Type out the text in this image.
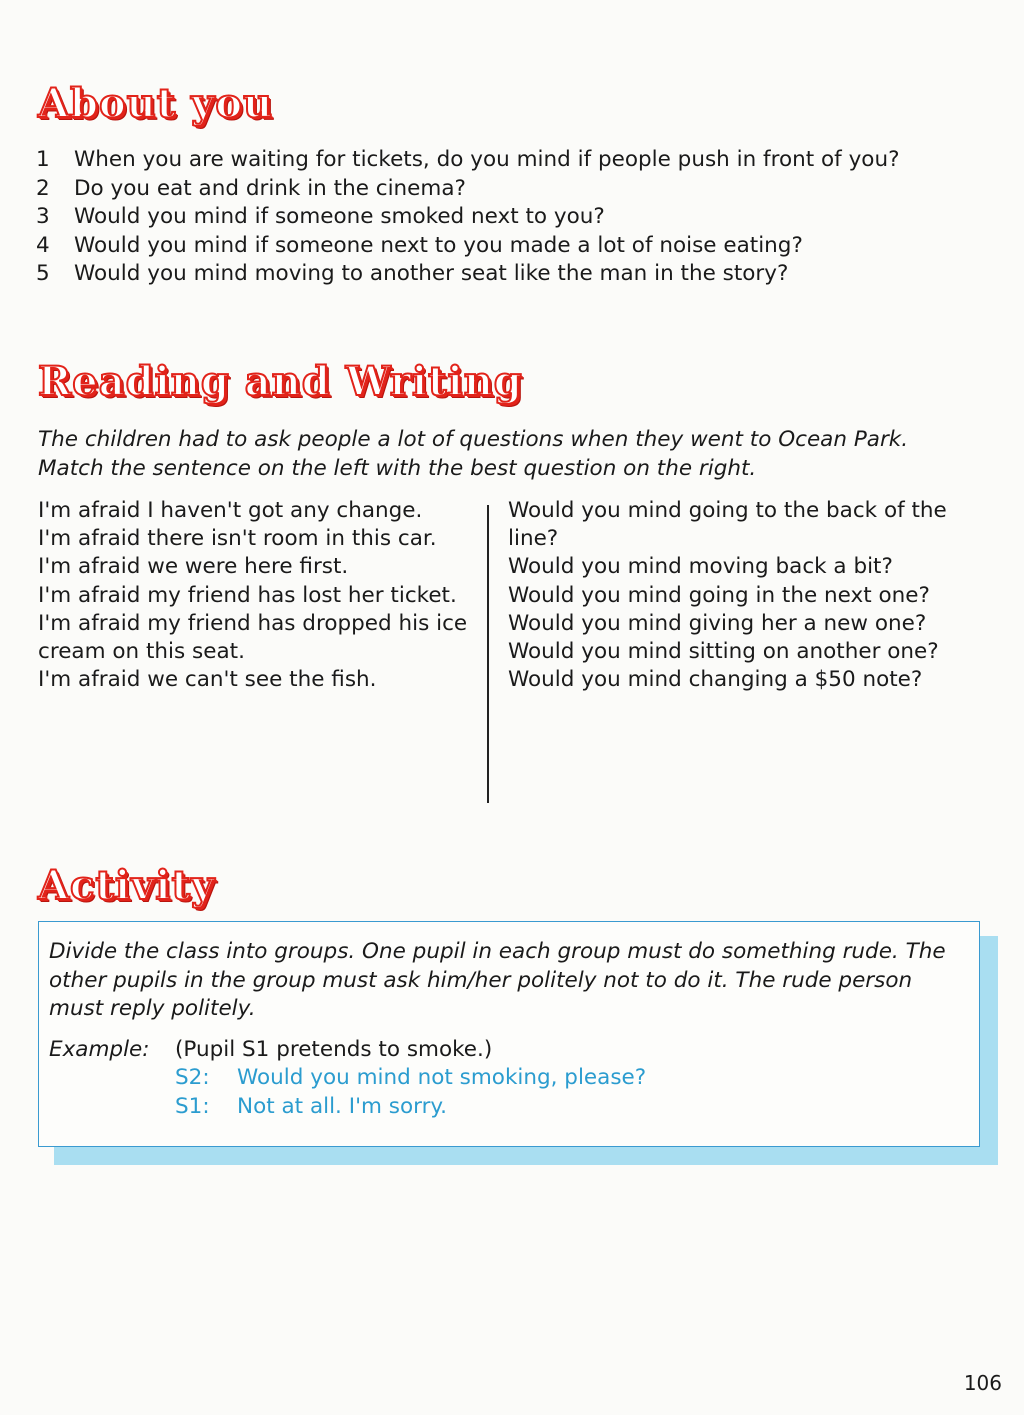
About you
1	When you are waiting for tickets, do you mind if people push in front of you?
2	Do you eat and drink in the cinema?
3	Would you mind if someone smoked next to you?
4	Would you mind if someone next to you made a lot of noise eating?
5	Would you mind moving to another seat like the man in the story?
Reading and Writing
The children had to ask people a lot of questions when they went to Ocean Park. Match the sentence on the left with the best question on the right.
I'm afraid I haven't got any change.
I'm afraid there isn't room in this car.
I'm afraid we were here first.
I'm afraid my friend has lost her ticket.
I'm afraid my friend has dropped his ice cream on this seat.
I'm afraid we can't see the fish.
Would you mind going to the back of the line?
Would you mind moving back a bit?
Would you mind going in the next one?
Would you mind giving her a new one?
Would you mind sitting on another one?
Would you mind changing a $50 note?
Activity
Divide the class into groups. One pupil in each group must do something rude. The other pupils in the group must ask him/her politely not to do it. The rude person must reply politely.
Example:	(Pupil S1 pretends to smoke.)
S2:	Would you mind not smoking, please?
S1:	Not at all. I'm sorry.
106
